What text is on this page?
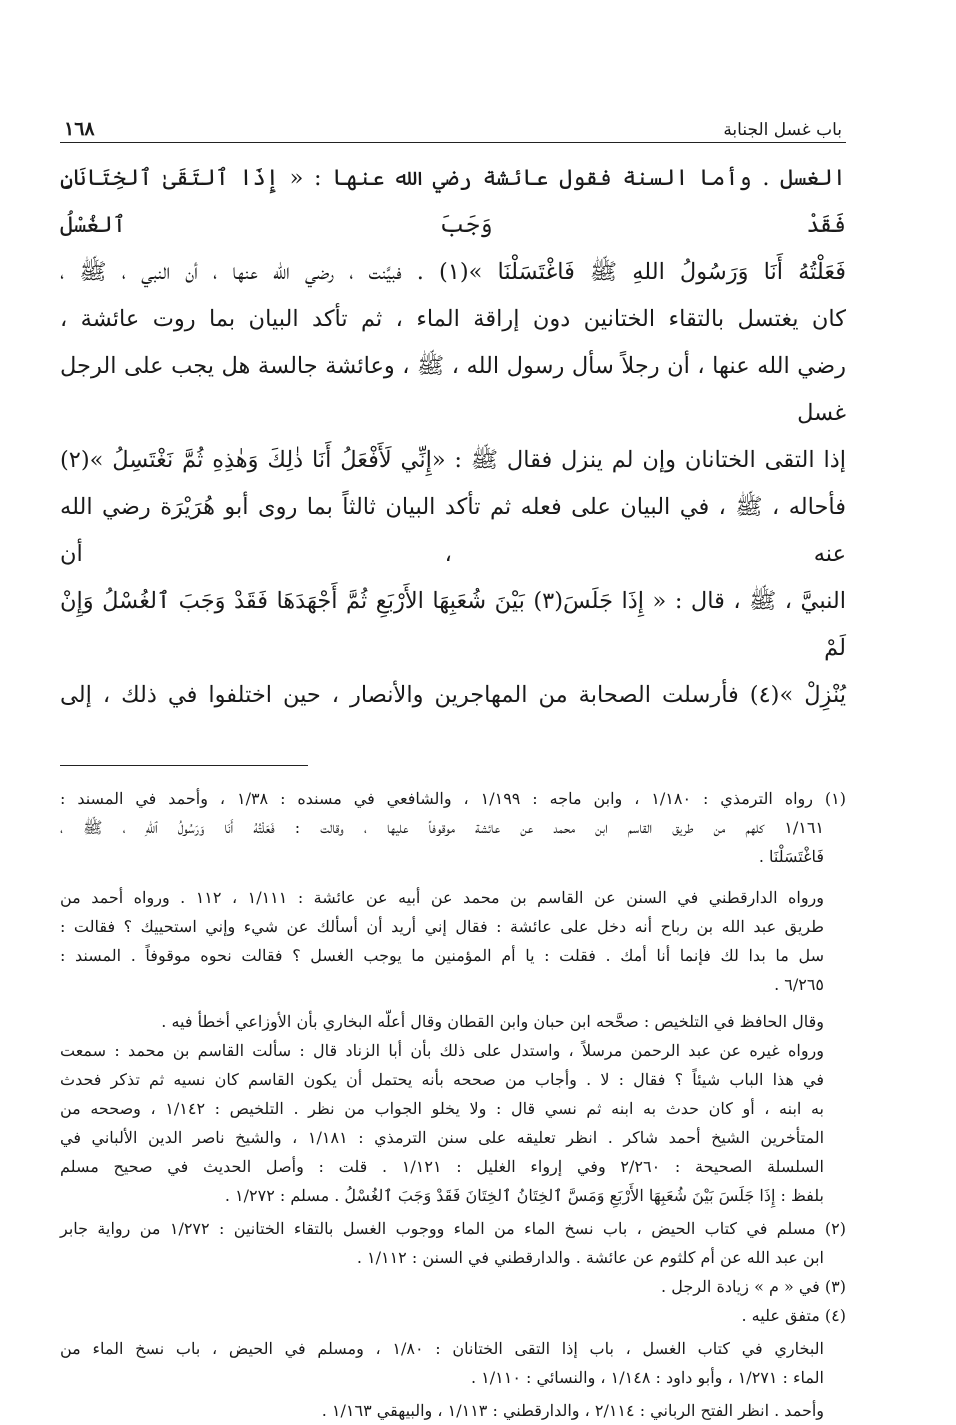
باب غسل الجنابة
١٦٨

الغسل . وأما السنة فقول عائشة رضي الله عنها : « إِذَا ٱلتَقَىٰ ٱلخِتَانَانِ فَقَدْ وَجَبَ ٱلغُسْلُ

فَعَلْتُهُ أَنَا وَرَسُولُ اللهِ ﷺ فَاغْتَسَلْنَا »(١) . فبيَّنت ، رضي الله عنها ، أن النبي ، ﷺ ،

كان يغتسل بالتقاء الختانين دون إراقة الماء ، ثم تأكد البيان بما روت عائشة ،

رضي الله عنها ، أن رجلاً سأل رسول الله ، ﷺ ، وعائشة جالسة هل يجب على الرجل غسل

إذا التقى الختانان وإن لم ينزل فقال ﷺ : «إِنِّي لَأَفْعَلُ أَنَا ذٰلِكَ وَهٰذِهِ ثُمَّ نَغْتَسِلُ »(٢)

فأحاله ، ﷺ ، في البيان على فعله ثم تأكد البيان ثالثاً بما روى أبو هُرَيْرَة رضي الله عنه ، أن

النبيَّ ، ﷺ ، قال : « إِذَا جَلَسَ(٣) بَيْنَ شُعَبِهَا الأَرْبَعِ ثُمَّ أَجْهَدَهَا فَقَدْ وَجَبَ ٱلغُسْلُ وَإِنْ لَمْ

يُنْزِلْ »(٤) فأرسلت الصحابة من المهاجرين والأنصار ، حين اختلفوا في ذلك ، إلى

(١) رواه الترمذي : ١/١٨٠ ، وابن ماجه : ١/١٩٩ ، والشافعي في مسنده : ١/٣٨ ، وأحمد في المسند :

١/١٦١ كلهم من طريق القاسم ابن محمد عن عائشة موقوفاً عليها ، وقالت : فَعَلْتُهُ أَنَا وَرَسُولُ ٱللهِ ، ﷺ ،

فَاغْتَسَلْنَا .

ورواه الدارقطني في السنن عن القاسم بن محمد عن أبيه عن عائشة : ١/١١١ ، ١١٢ . ورواه أحمد من

طريق عبد الله بن رباح أنه دخل على عائشة : فقال إني أريد أن أسألك عن شيء وإني استحييك ؟ فقالت :

سل ما بدا لك فإنما أنا أمك . فقلت : يا أم المؤمنين ما يوجب الغسل ؟ فقالت نحوه موقوفاً . المسند :

٦/٢٦٥ .

وقال الحافظ في التلخيص : صحَّحه ابن حبان وابن القطان وقال أعلّه البخاري بأن الأوزاعي أخطأ فيه .

ورواه غيره عن عبد الرحمن مرسلاً ، واستدل على ذلك بأن أبا الزناد قال : سألت القاسم بن محمد : سمعت

في هذا الباب شيئاً ؟ فقال : لا . وأجاب من صححه بأنه يحتمل أن يكون القاسم كان نسيه ثم تذكر فحدث

به ابنه ، أو كان حدث به ابنه ثم نسي قال : ولا يخلو الجواب من نظر . التلخيص : ١/١٤٢ ، وصححه من

المتأخرين الشيخ أحمد شاكر . انظر تعليقه على سنن الترمذي : ١/١٨١ ، والشيخ ناصر الدين الألباني في

السلسلة الصحيحة : ٢/٢٦٠ وفي إرواء الغليل : ١/١٢١ . قلت : وأصل الحديث في صحيح مسلم

بلفظ : إِذَا جَلَسَ بَيْنَ شُعَبِهَا الأَرْبَعِ وَمَسَّ ٱلخِتَانُ ٱلخِتَانَ فَقَدْ وَجَبَ ٱلغُسْلُ . مسلم : ١/٢٧٢ .

(٢) مسلم في كتاب الحيض ، باب نسخ الماء من الماء ووجوب الغسل بالتقاء الختانين : ١/٢٧٢ من رواية جابر

ابن عبد الله عن أم كلثوم عن عائشة . والدارقطني في السنن : ١/١١٢ .

(٣) في « م » زيادة الرجل .

(٤) متفق عليه .

البخاري في كتاب الغسل ، باب إذا التقى الختانان : ١/٨٠ ، ومسلم في الحيض ، باب نسخ الماء من

الماء : ١/٢٧١ ، وأبو داود : ١/١٤٨ ، والنسائي : ١/١١٠ .

وأحمد . انظر الفتح الرباني : ٢/١١٤ ، والدارقطني : ١/١١٣ ، والبيهقي ١/١٦٣ .
